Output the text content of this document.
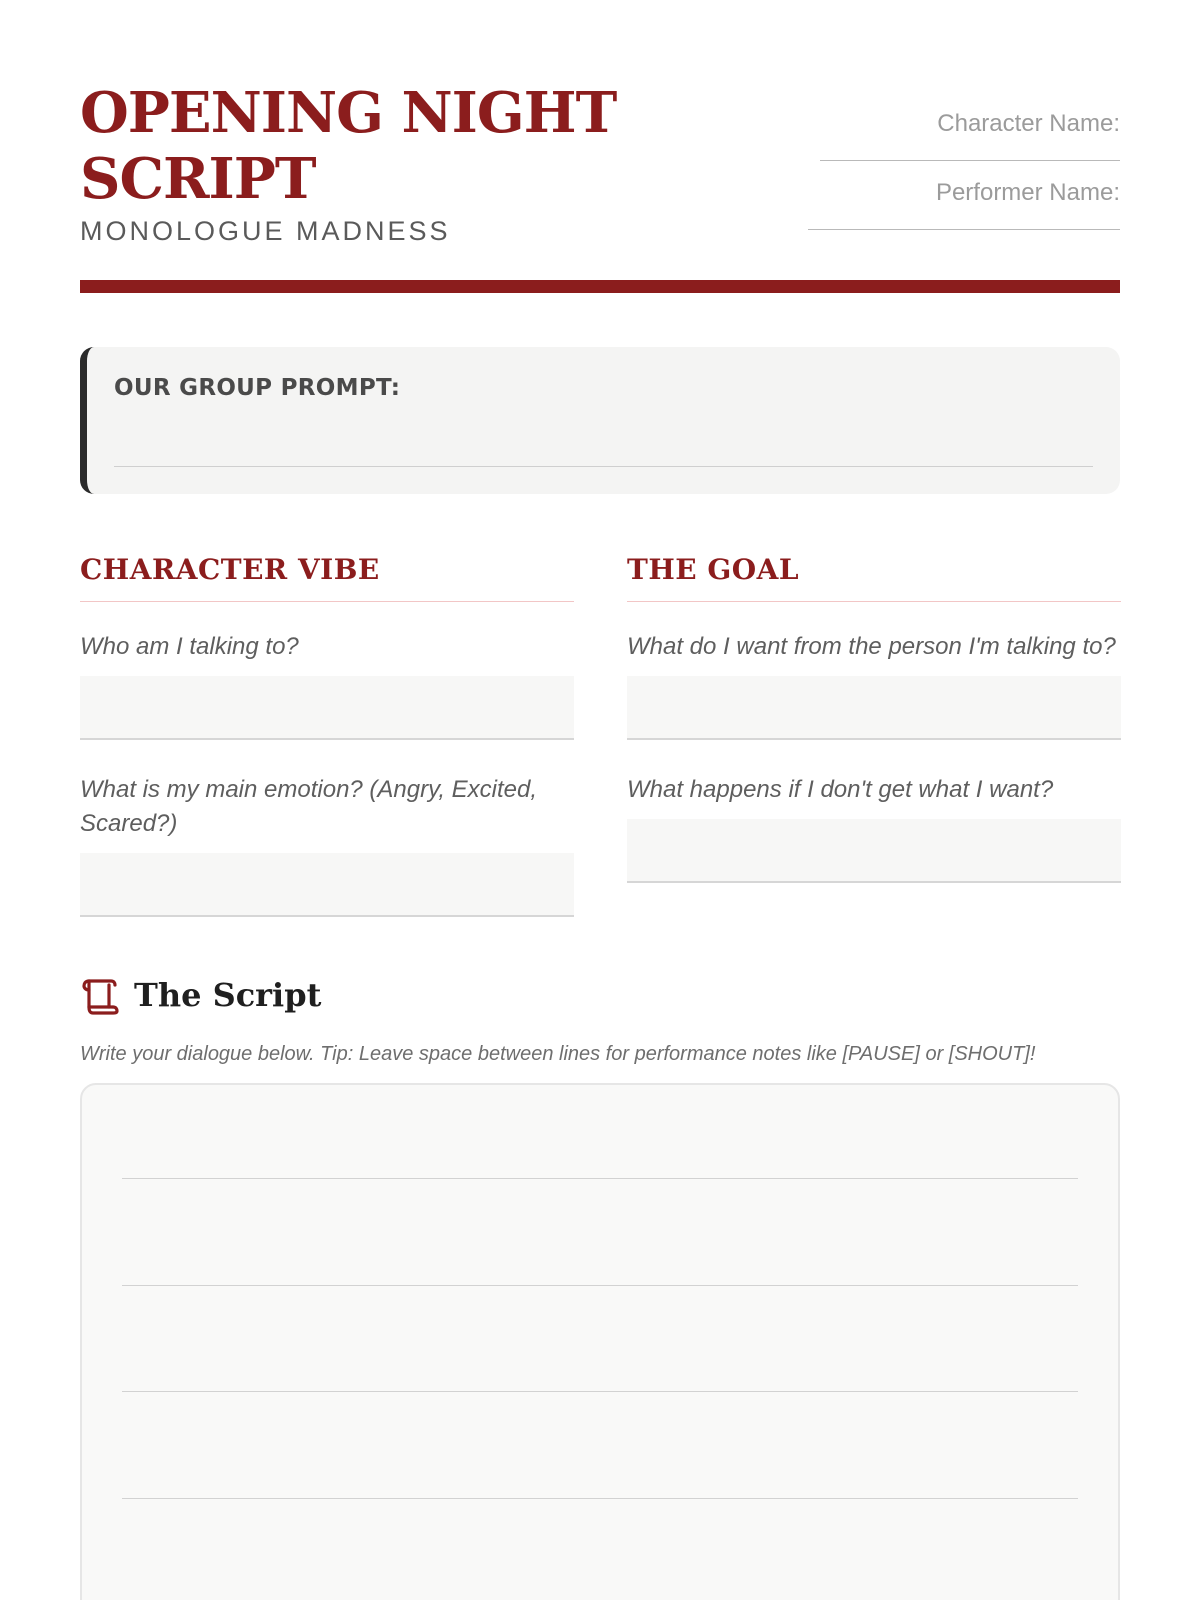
OPENING NIGHT SCRIPT
MONOLOGUE MADNESS
Character Name:
Performer Name:
OUR GROUP PROMPT:
CHARACTER VIBE
Who am I talking to?
What is my main emotion? (Angry, Excited, Scared?)
THE GOAL
What do I want from the person I'm talking to?
What happens if I don't get what I want?
The Script
Write your dialogue below. Tip: Leave space between lines for performance notes like [PAUSE] or [SHOUT]!
